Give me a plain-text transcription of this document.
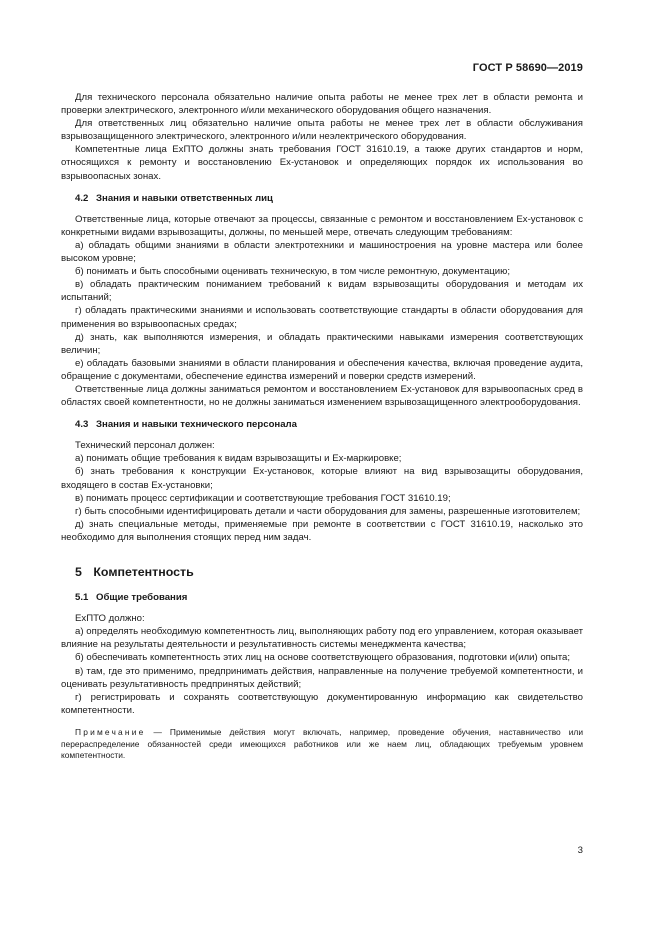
ГОСТ Р 58690—2019

Для технического персонала обязательно наличие опыта работы не менее трех лет в области ремонта и проверки электрического, электронного и/или механического оборудования общего назначения.

Для ответственных лиц обязательно наличие опыта работы не менее трех лет в области обслуживания взрывозащищенного электрического, электронного и/или неэлектрического оборудования.

Компетентные лица ExПТО должны знать требования ГОСТ 31610.19, а также других стандартов и норм, относящихся к ремонту и восстановлению Ex-установок и определяющих порядок их использования во взрывоопасных зонах.

4.2 Знания и навыки ответственных лиц

Ответственные лица, которые отвечают за процессы, связанные с ремонтом и восстановлением Ex-установок с конкретными видами взрывозащиты, должны, по меньшей мере, отвечать следующим требованиям:

а) обладать общими знаниями в области электротехники и машиностроения на уровне мастера или более высоком уровне;

б) понимать и быть способными оценивать техническую, в том числе ремонтную, документацию;

в) обладать практическим пониманием требований к видам взрывозащиты оборудования и методам их испытаний;

г) обладать практическими знаниями и использовать соответствующие стандарты в области оборудования для применения во взрывоопасных средах;

д) знать, как выполняются измерения, и обладать практическими навыками измерения соответствующих величин;

е) обладать базовыми знаниями в области планирования и обеспечения качества, включая проведение аудита, обращение с документами, обеспечение единства измерений и поверки средств измерений.

Ответственные лица должны заниматься ремонтом и восстановлением Ex-установок для взрывоопасных сред в областях своей компетентности, но не должны заниматься изменением взрывозащищенного электрооборудования.

4.3 Знания и навыки технического персонала

Технический персонал должен:

а) понимать общие требования к видам взрывозащиты и Ex-маркировке;

б) знать требования к конструкции Ex-установок, которые влияют на вид взрывозащиты оборудования, входящего в состав Ex-установки;

в) понимать процесс сертификации и соответствующие требования ГОСТ 31610.19;

г) быть способными идентифицировать детали и части оборудования для замены, разрешенные изготовителем;

д) знать специальные методы, применяемые при ремонте в соответствии с ГОСТ 31610.19, насколько это необходимо для выполнения стоящих перед ним задач.

5 Компетентность
5.1 Общие требования

ExПТО должно:

а) определять необходимую компетентность лиц, выполняющих работу под его управлением, которая оказывает влияние на результаты деятельности и результативность системы менеджмента качества;

б) обеспечивать компетентность этих лиц на основе соответствующего образования, подготовки и(или) опыта;

в) там, где это применимо, предпринимать действия, направленные на получение требуемой компетентности, и оценивать результативность предпринятых действий;

г) регистрировать и сохранять соответствующую документированную информацию как свидетельство компетентности.

Примечание — Применимые действия могут включать, например, проведение обучения, наставничество или перераспределение обязанностей среди имеющихся работников или же наем лиц, обладающих требуемым уровнем компетентности.

3
